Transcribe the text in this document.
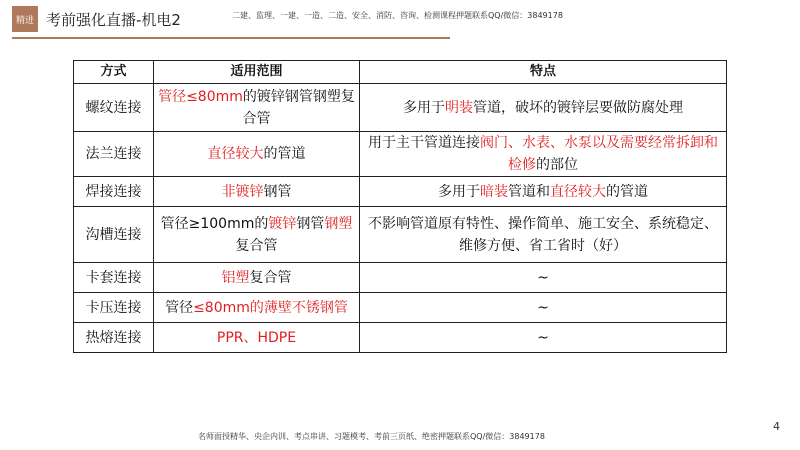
精进 考前强化直播-机电2	二建、监理、一建、一造、二造、安全、消防、咨询、检测课程押题联系QQ/微信：3849178
方式	适用范围	特点
螺纹连接	管径≤80mm的镀锌钢管钢塑复合管	多用于明装管道，破坏的镀锌层要做防腐处理
法兰连接	直径较大的管道	用于主干管道连接阀门、水表、水泵以及需要经常拆卸和检修的部位
焊接连接	非镀锌钢管	多用于暗装管道和直径较大的管道
沟槽连接	管径≥100mm的镀锌钢管钢塑复合管	不影响管道原有特性、操作简单、施工安全、系统稳定、维修方便、省工省时（好）
卡套连接	铝塑复合管	~
卡压连接	管径≤80mm的薄壁不锈钢管	~
热熔连接	PPR、HDPE	~
名师面授精华、央企内训、考点串讲、习题模考、考前三页纸、绝密押题联系QQ/微信：3849178
4
